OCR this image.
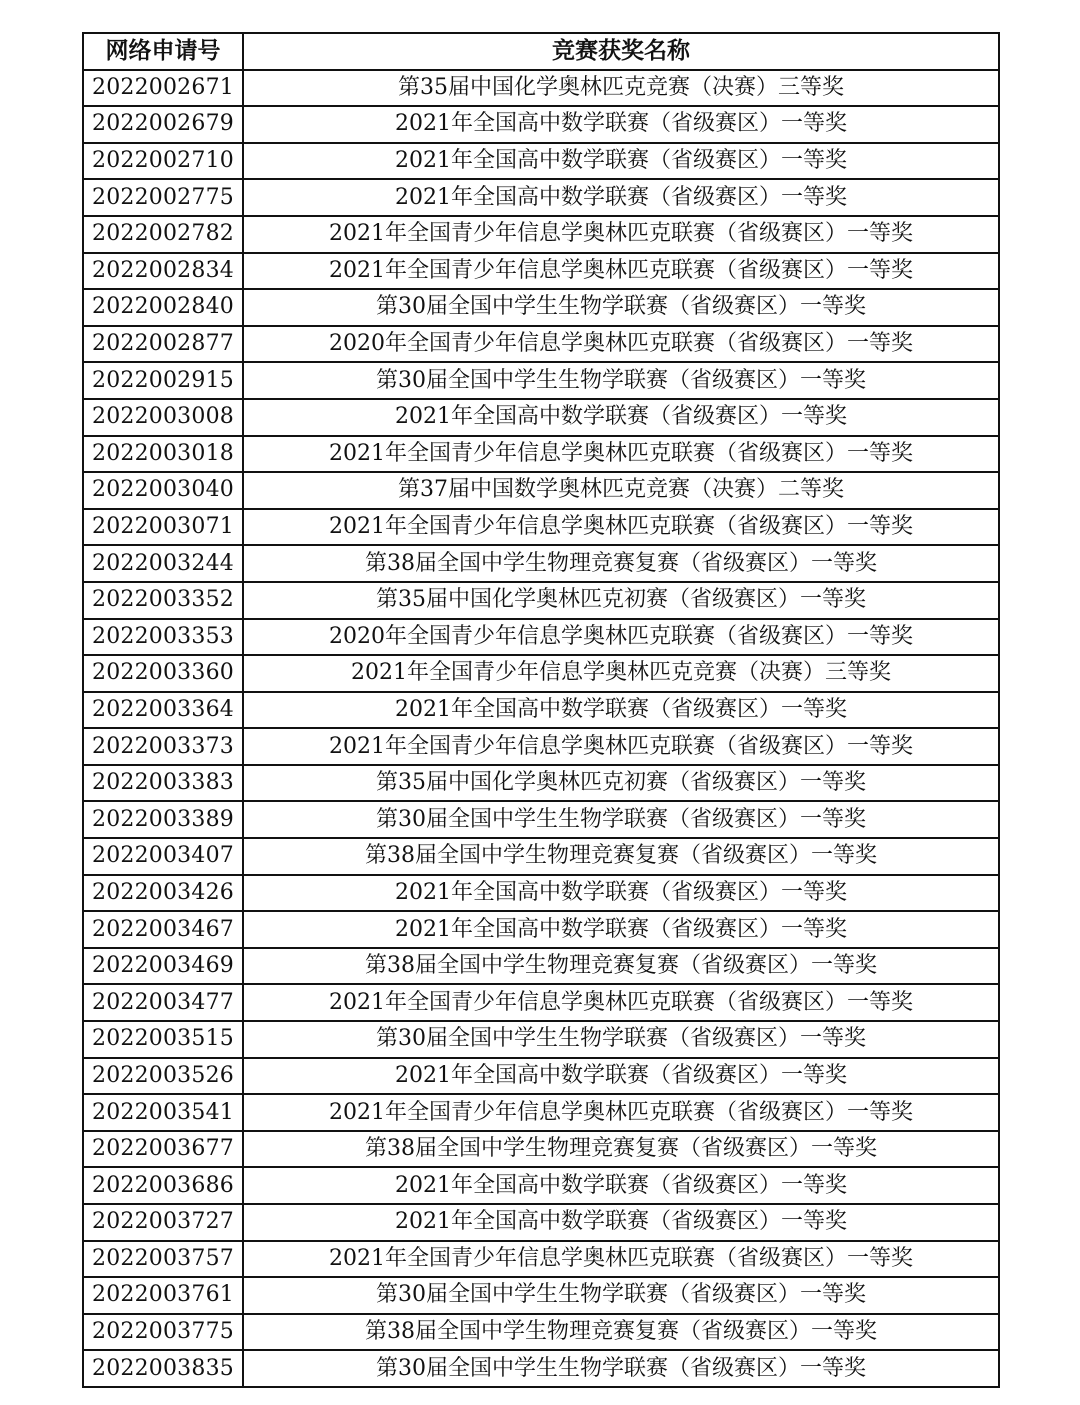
网络申请号	竞赛获奖名称
2022002671	第35届中国化学奥林匹克竞赛（决赛）三等奖
2022002679	2021年全国高中数学联赛（省级赛区）一等奖
2022002710	2021年全国高中数学联赛（省级赛区）一等奖
2022002775	2021年全国高中数学联赛（省级赛区）一等奖
2022002782	2021年全国青少年信息学奥林匹克联赛（省级赛区）一等奖
2022002834	2021年全国青少年信息学奥林匹克联赛（省级赛区）一等奖
2022002840	第30届全国中学生生物学联赛（省级赛区）一等奖
2022002877	2020年全国青少年信息学奥林匹克联赛（省级赛区）一等奖
2022002915	第30届全国中学生生物学联赛（省级赛区）一等奖
2022003008	2021年全国高中数学联赛（省级赛区）一等奖
2022003018	2021年全国青少年信息学奥林匹克联赛（省级赛区）一等奖
2022003040	第37届中国数学奥林匹克竞赛（决赛）二等奖
2022003071	2021年全国青少年信息学奥林匹克联赛（省级赛区）一等奖
2022003244	第38届全国中学生物理竞赛复赛（省级赛区）一等奖
2022003352	第35届中国化学奥林匹克初赛（省级赛区）一等奖
2022003353	2020年全国青少年信息学奥林匹克联赛（省级赛区）一等奖
2022003360	2021年全国青少年信息学奥林匹克竞赛（决赛）三等奖
2022003364	2021年全国高中数学联赛（省级赛区）一等奖
2022003373	2021年全国青少年信息学奥林匹克联赛（省级赛区）一等奖
2022003383	第35届中国化学奥林匹克初赛（省级赛区）一等奖
2022003389	第30届全国中学生生物学联赛（省级赛区）一等奖
2022003407	第38届全国中学生物理竞赛复赛（省级赛区）一等奖
2022003426	2021年全国高中数学联赛（省级赛区）一等奖
2022003467	2021年全国高中数学联赛（省级赛区）一等奖
2022003469	第38届全国中学生物理竞赛复赛（省级赛区）一等奖
2022003477	2021年全国青少年信息学奥林匹克联赛（省级赛区）一等奖
2022003515	第30届全国中学生生物学联赛（省级赛区）一等奖
2022003526	2021年全国高中数学联赛（省级赛区）一等奖
2022003541	2021年全国青少年信息学奥林匹克联赛（省级赛区）一等奖
2022003677	第38届全国中学生物理竞赛复赛（省级赛区）一等奖
2022003686	2021年全国高中数学联赛（省级赛区）一等奖
2022003727	2021年全国高中数学联赛（省级赛区）一等奖
2022003757	2021年全国青少年信息学奥林匹克联赛（省级赛区）一等奖
2022003761	第30届全国中学生生物学联赛（省级赛区）一等奖
2022003775	第38届全国中学生物理竞赛复赛（省级赛区）一等奖
2022003835	第30届全国中学生生物学联赛（省级赛区）一等奖
